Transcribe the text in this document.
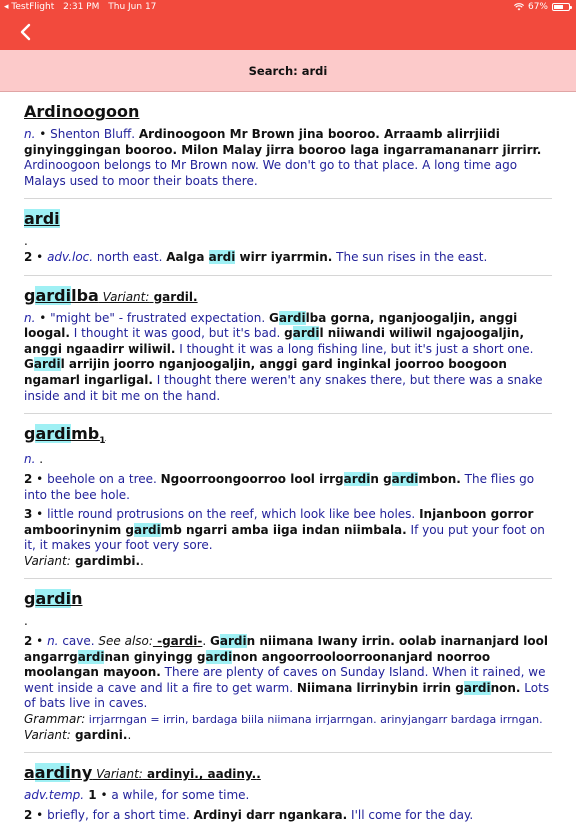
◂ TestFlight 2:31 PM Thu Jun 17	67%
Search: ardi
Ardinoogoon

n. • Shenton Bluff. Ardinoogoon Mr Brown jina booroo. Arraamb alirrjiidi ginyinggingan booroo. Milon Malay jirra booroo laga ingarramananarr jirrirr. Ardinoogoon belongs to Mr Brown now. We don't go to that place. A long time ago Malays used to moor their boats there.

ardi

.

2 • adv.loc. north east. Aalga ardi wirr iyarrmin. The sun rises in the east.

gardilba Variant: gardil.

n. • "might be" - frustrated expectation. Gardilba gorna, nganjoogaljin, anggi loogal. I thought it was good, but it's bad. gardil niiwandi wiliwil ngajoogaljin, anggi ngaadirr wiliwil. I thought it was a long fishing line, but it's just a short one. Gardil arrijin joorro nganjoogaljin, anggi gard inginkal joorroo boogoon ngamarl ingarligal. I thought there weren't any snakes there, but there was a snake inside and it bit me on the hand.

gardimb$_1$

n. .

2 • beehole on a tree. Ngoorroongoorroo lool irrgardin gardimbon. The flies go into the bee hole.

3 • little round protrusions on the reef, which look like bee holes. Injanboon gorror amboorinynim gardimb ngarri amba iiga indan niimbala. If you put your foot on it, it makes your foot very sore.

Variant: gardimbi..

gardin

.

2 • n. cave. See also: -gardi-. Gardin niimana Iwany irrin. oolab inarnanjard lool angarrgardinan ginyingg gardinon angoorrooloorroonanjard noorroo moolangan mayoon. There are plenty of caves on Sunday Island. When it rained, we went inside a cave and lit a fire to get warm. Niimana lirrinybin irrin gardinon. Lots of bats live in caves.

Grammar: irrjarrngan = irrin, bardaga biila niimana irrjarrngan. arinyjangarr bardaga irrngan.

Variant: gardini..

aardiny Variant: ardinyi., aadiny..

adv.temp. 1 • a while, for some time.

2 • briefly, for a short time. Ardinyi darr ngankara. I'll come for the day.
